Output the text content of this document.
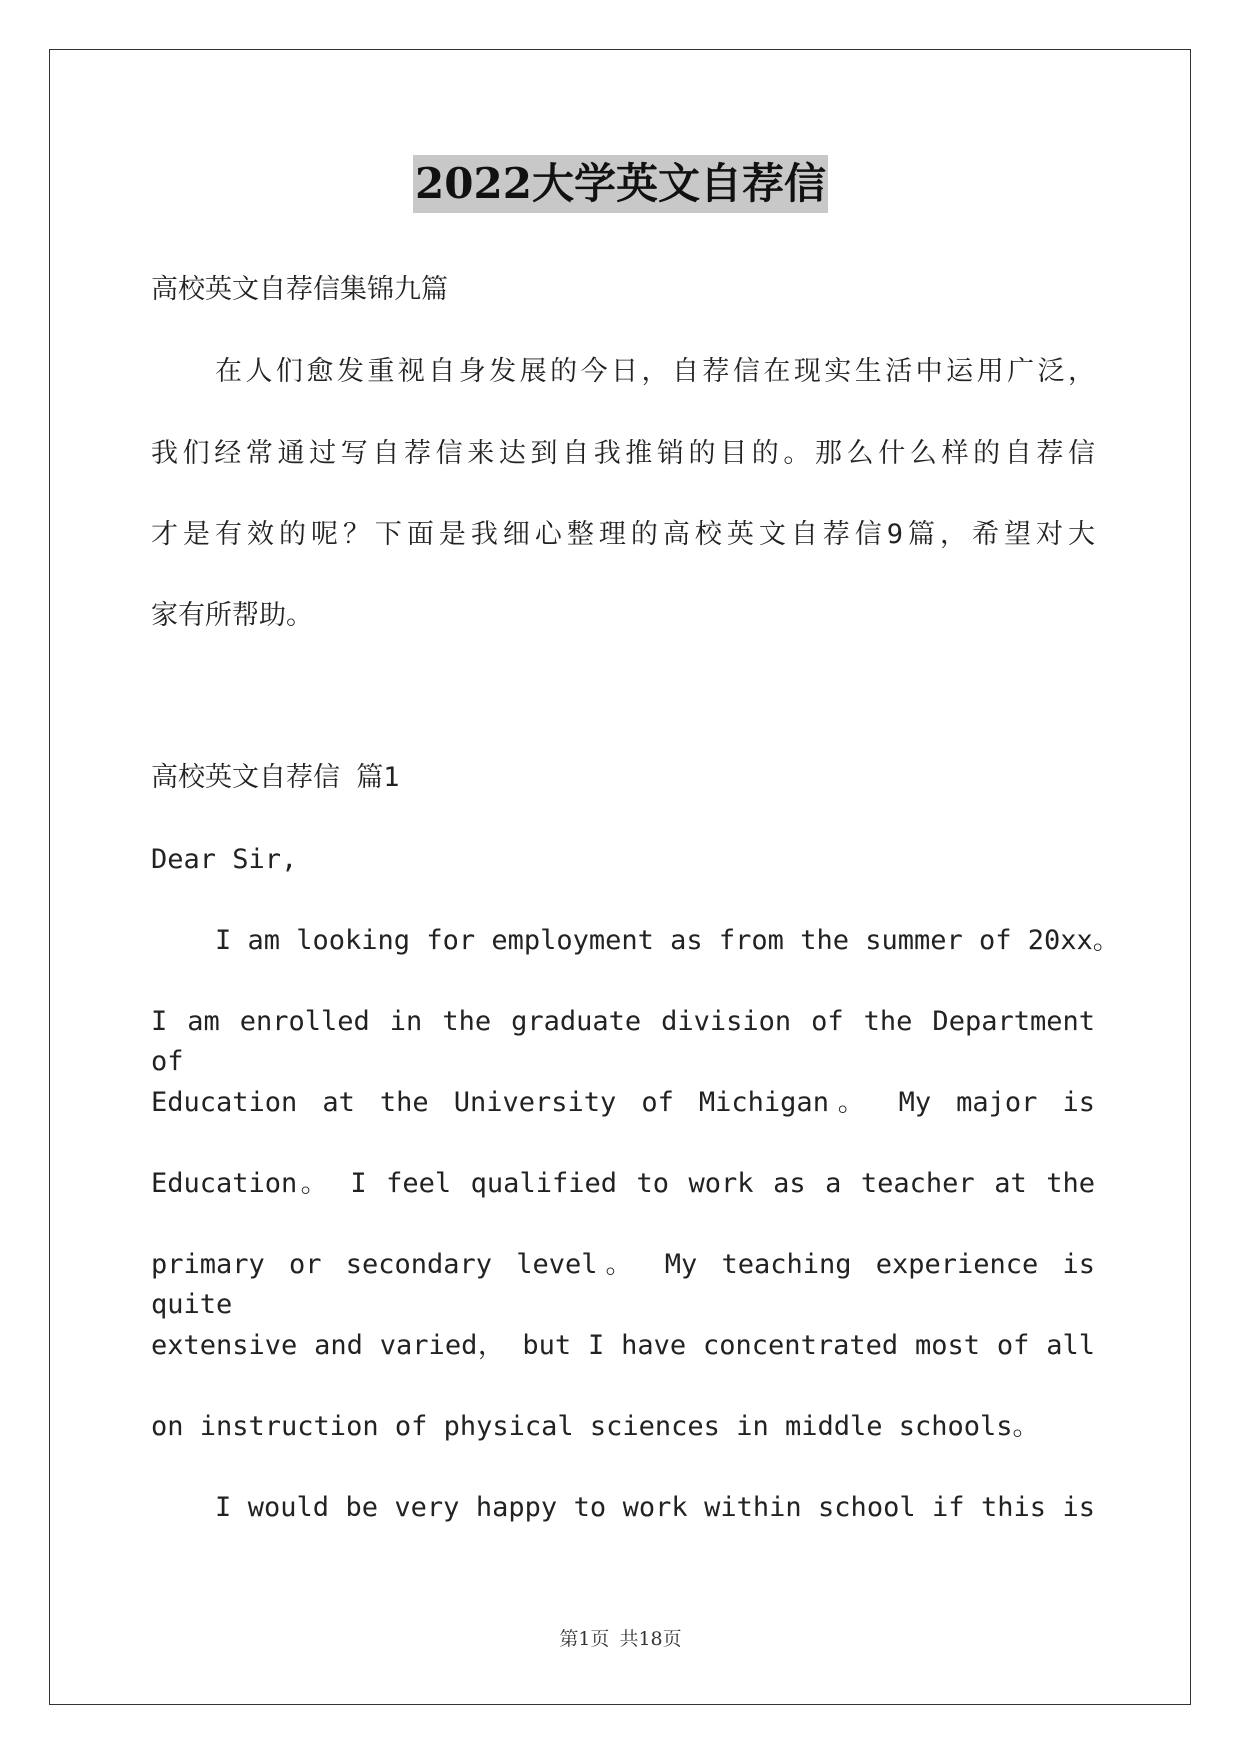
2022大学英文自荐信
高校英文自荐信集锦九篇
在人们愈发重视自身发展的今日，自荐信在现实生活中运用广泛，
我们经常通过写自荐信来达到自我推销的目的。那么什么样的自荐信
才是有效的呢？下面是我细心整理的高校英文自荐信9篇，希望对大
家有所帮助。
高校英文自荐信 篇1
Dear Sir,
I am looking for employment as from the summer of 20xx。
I am enrolled in the graduate division of the Department of
Education at the University of Michigan。 My major is
Education。 I feel qualified to work as a teacher at the
primary or secondary level。 My teaching experience is quite
extensive and varied， but I have concentrated most of all
on instruction of physical sciences in middle schools。
I would be very happy to work within school if this is
第1页 共18页
